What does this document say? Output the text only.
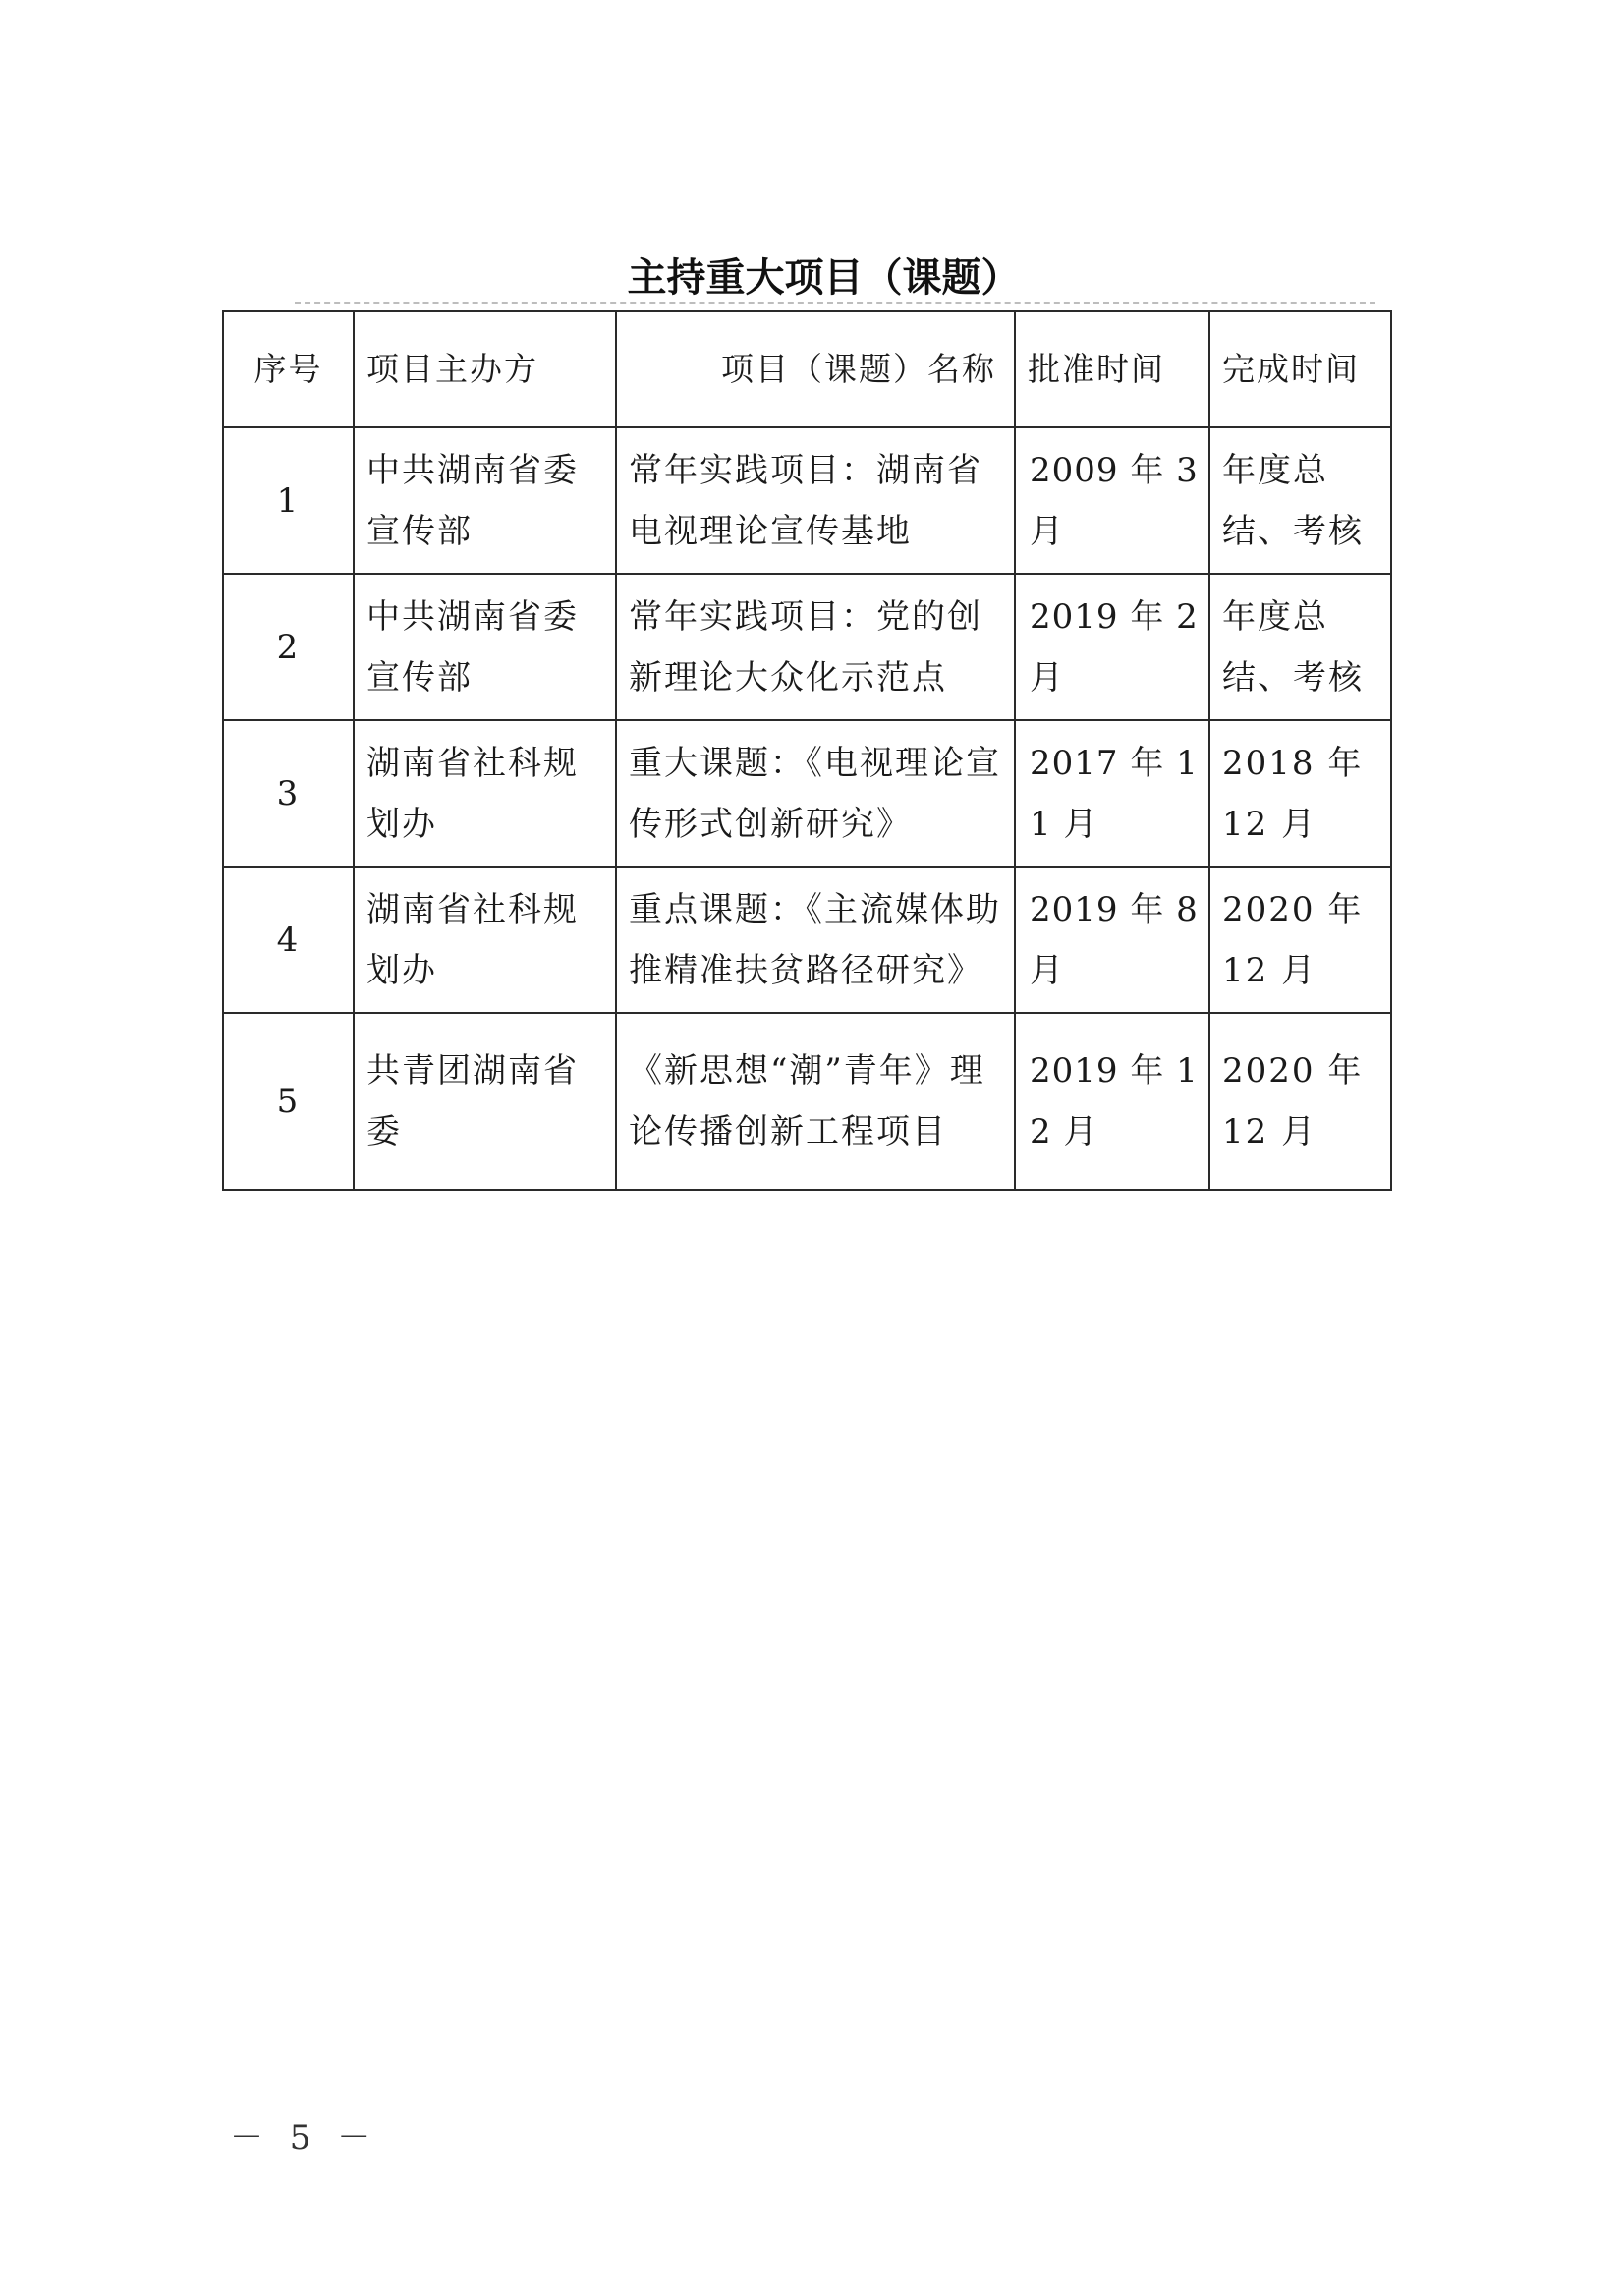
主持重大项目（课题）
序号	项目主办方	项目（课题）名称	批准时间	完成时间
1	中共湖南省委宣传部	常年实践项目：湖南省电视理论宣传基地	2009 年 3 月	年度总结、考核
2	中共湖南省委宣传部	常年实践项目：党的创新理论大众化示范点	2019 年 2 月	年度总结、考核
3	湖南省社科规划办	重大课题：《电视理论宣传形式创新研究》	2017 年 11 月	2018 年 12 月
4	湖南省社科规划办	重点课题：《主流媒体助推精准扶贫路径研究》	2019 年 8 月	2020 年 12 月
5	共青团湖南省委	《新思想“潮”青年》理论传播创新工程项目	2019 年 12 月	2020 年 12 月
－ 5 －
